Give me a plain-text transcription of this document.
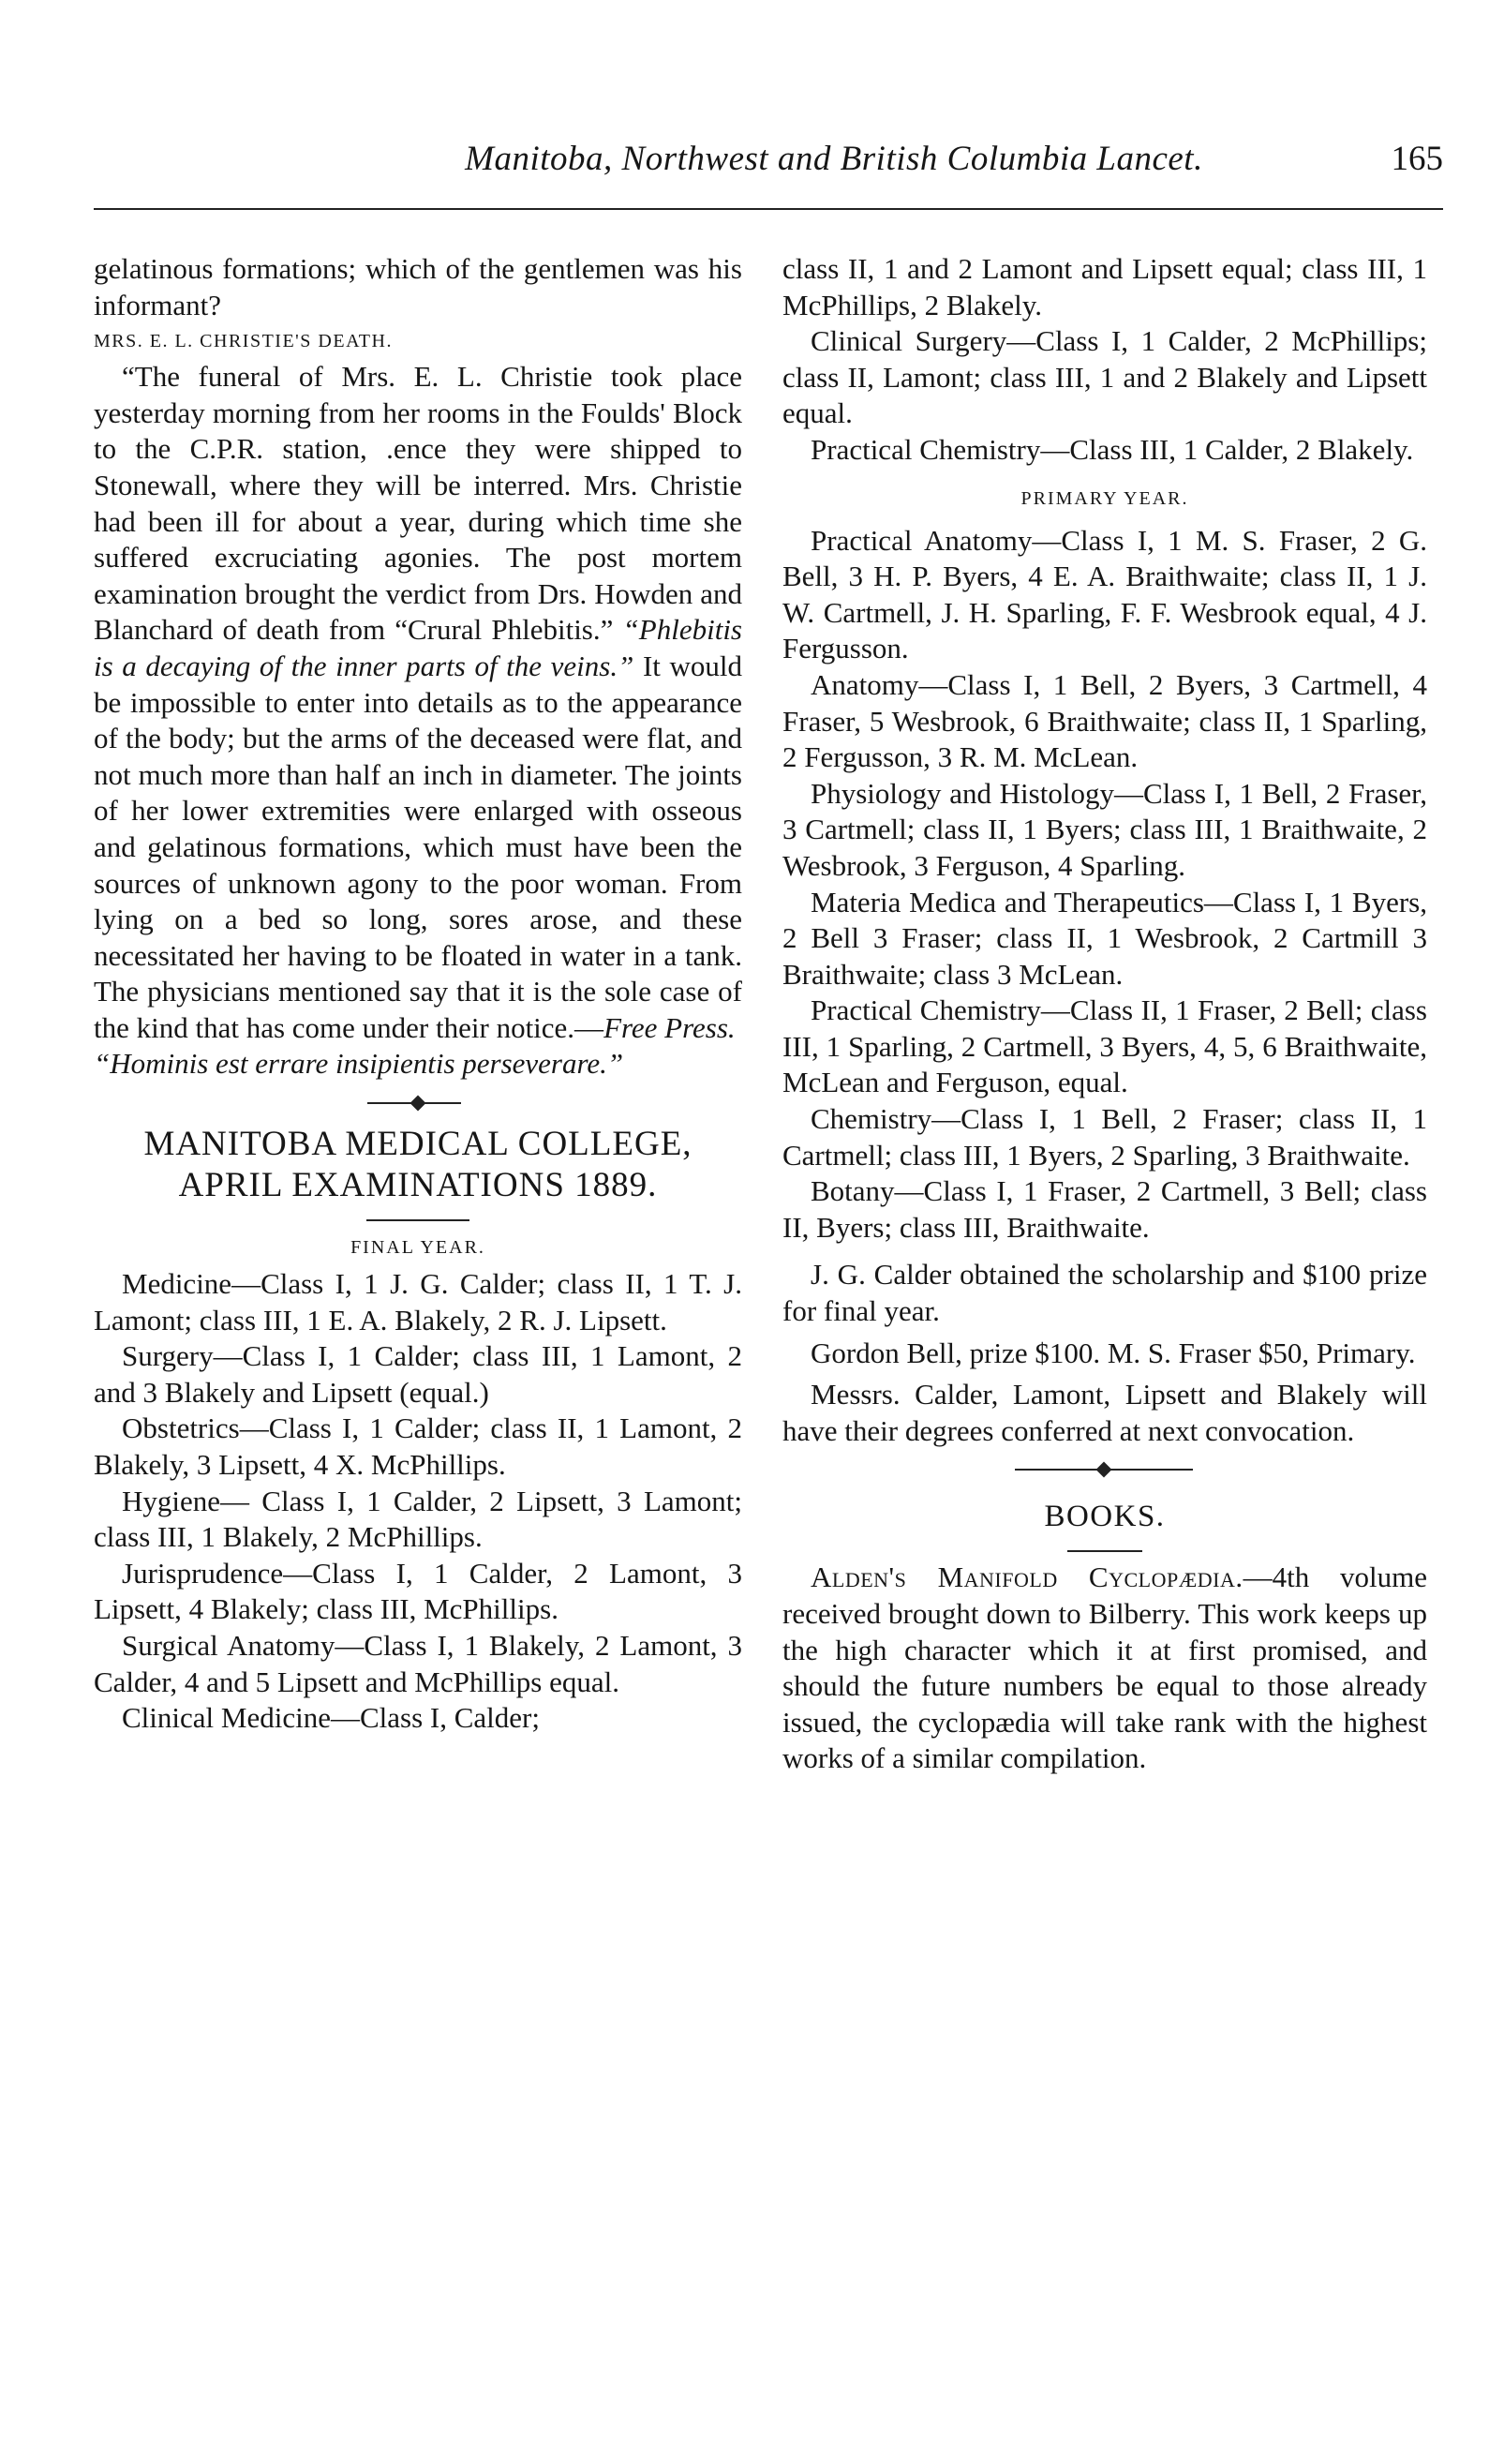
Manitoba, Northwest and British Columbia Lancet.	165

gelatinous formations; which of the gentlemen was his informant?

MRS. E. L. CHRISTIE'S DEATH.

“The funeral of Mrs. E. L. Christie took place yesterday morning from her rooms in the Foulds' Block to the C.P.R. station, .ence they were shipped to Stonewall, where they will be interred. Mrs. Christie had been ill for about a year, during which time she suffered excruciating agonies. The post mortem examination brought the verdict from Drs. Howden and Blanchard of death from “Crural Phlebitis.” “Phlebitis is a decaying of the inner parts of the veins.” It would be impossible to enter into details as to the appearance of the body; but the arms of the deceased were flat, and not much more than half an inch in diameter. The joints of her lower extremities were enlarged with osseous and gelatinous formations, which must have been the sources of unknown agony to the poor woman. From lying on a bed so long, sores arose, and these necessitated her having to be floated in water in a tank. The physicians mentioned say that it is the sole case of the kind that has come under their notice.—Free Press.
“Hominis est errare insipientis perseverare.”

MANITOBA MEDICAL COLLEGE,

APRIL EXAMINATIONS 1889.

FINAL YEAR.

Medicine—Class I, 1 J. G. Calder; class II, 1 T. J. Lamont; class III, 1 E. A. Blakely, 2 R. J. Lipsett.

Surgery—Class I, 1 Calder; class III, 1 Lamont, 2 and 3 Blakely and Lipsett (equal.)

Obstetrics—Class I, 1 Calder; class II, 1 Lamont, 2 Blakely, 3 Lipsett, 4 X. McPhillips.

Hygiene— Class I, 1 Calder, 2 Lipsett, 3 Lamont; class III, 1 Blakely, 2 McPhillips.

Jurisprudence—Class I, 1 Calder, 2 Lamont, 3 Lipsett, 4 Blakely; class III, McPhillips.

Surgical Anatomy—Class I, 1 Blakely, 2 Lamont, 3 Calder, 4 and 5 Lipsett and McPhillips equal.

Clinical Medicine—Class I, Calder;

class II, 1 and 2 Lamont and Lipsett equal; class III, 1 McPhillips, 2 Blakely.

Clinical Surgery—Class I, 1 Calder, 2 McPhillips; class II, Lamont; class III, 1 and 2 Blakely and Lipsett equal.

Practical Chemistry—Class III, 1 Calder, 2 Blakely.

PRIMARY YEAR.

Practical Anatomy—Class I, 1 M. S. Fraser, 2 G. Bell, 3 H. P. Byers, 4 E. A. Braithwaite; class II, 1 J. W. Cartmell, J. H. Sparling, F. F. Wesbrook equal, 4 J. Fergusson.

Anatomy—Class I, 1 Bell, 2 Byers, 3 Cartmell, 4 Fraser, 5 Wesbrook, 6 Braithwaite; class II, 1 Sparling, 2 Fergusson, 3 R. M. McLean.

Physiology and Histology—Class I, 1 Bell, 2 Fraser, 3 Cartmell; class II, 1 Byers; class III, 1 Braithwaite, 2 Wesbrook, 3 Ferguson, 4 Sparling.

Materia Medica and Therapeutics—Class I, 1 Byers, 2 Bell 3 Fraser; class II, 1 Wesbrook, 2 Cartmill 3 Braithwaite; class 3 McLean.

Practical Chemistry—Class II, 1 Fraser, 2 Bell; class III, 1 Sparling, 2 Cartmell, 3 Byers, 4, 5, 6 Braithwaite, McLean and Ferguson, equal.

Chemistry—Class I, 1 Bell, 2 Fraser; class II, 1 Cartmell; class III, 1 Byers, 2 Sparling, 3 Braithwaite.

Botany—Class I, 1 Fraser, 2 Cartmell, 3 Bell; class II, Byers; class III, Braithwaite.

J. G. Calder obtained the scholarship and $100 prize for final year.

Gordon Bell, prize $100. M. S. Fraser $50, Primary.

Messrs. Calder, Lamont, Lipsett and Blakely will have their degrees conferred at next convocation.

BOOKS.

Alden's Manifold Cyclopædia.—4th volume received brought down to Bilberry. This work keeps up the high character which it at first promised, and should the future numbers be equal to those already issued, the cyclopædia will take rank with the highest works of a similar compilation.
